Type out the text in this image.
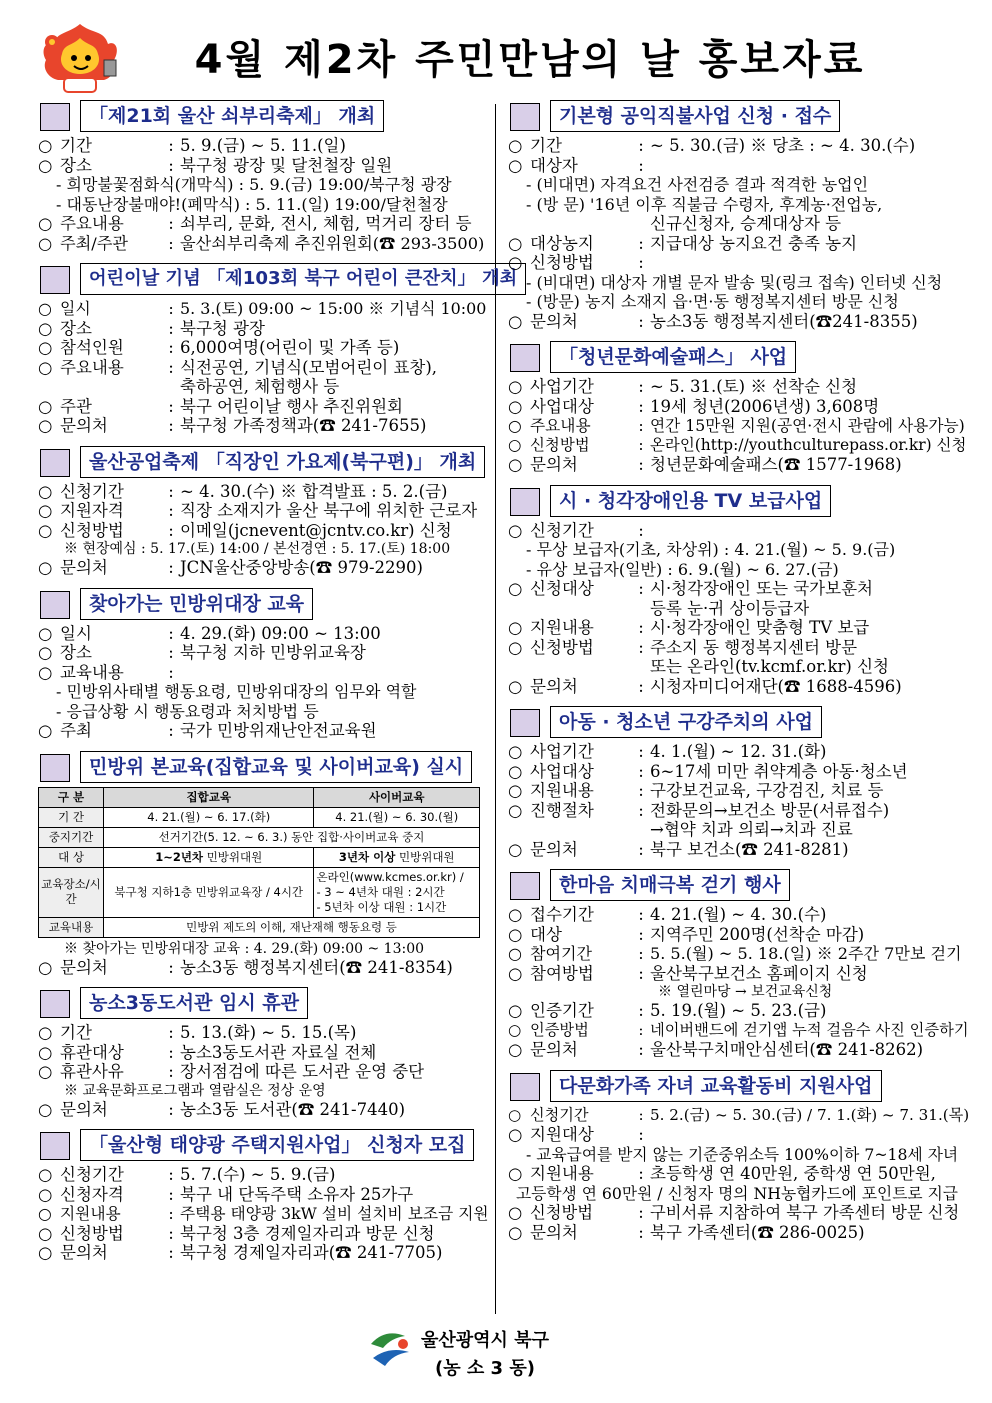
4월 제2차 주민만남의 날 홍보자료
「제21회 울산 쇠부리축제」 개최
○ 기간	: 5. 9.(금) ~ 5. 11.(일)
○ 장소	: 북구청 광장 및 달천철장 일원
- 희망불꽃점화식(개막식) : 5. 9.(금) 19:00/북구청 광장
- 대동난장불매야!(폐막식) : 5. 11.(일) 19:00/달천철장
○ 주요내용	: 쇠부리, 문화, 전시, 체험, 먹거리 장터 등
○ 주최/주관	: 울산쇠부리축제 추진위원회(☎ 293-3500)
어린이날 기념 「제103회 북구 어린이 큰잔치」 개최
○ 일시	: 5. 3.(토) 09:00 ~ 15:00 ※ 기념식 10:00
○ 장소	: 북구청 광장
○ 참석인원	: 6,000여명(어린이 및 가족 등)
○ 주요내용	: 식전공연, 기념식(모범어린이 표창),
축하공연, 체험행사 등
○ 주관	: 북구 어린이날 행사 추진위원회
○ 문의처	: 북구청 가족정책과(☎ 241-7655)
울산공업축제 「직장인 가요제(북구편)」 개최
○ 신청기간	: ~ 4. 30.(수) ※ 합격발표 : 5. 2.(금)
○ 지원자격	: 직장 소재지가 울산 북구에 위치한 근로자
○ 신청방법	: 이메일(jcnevent@jcntv.co.kr) 신청
※ 현장예심 : 5. 17.(토) 14:00 / 본선경연 : 5. 17.(토) 18:00
○ 문의처	: JCN울산중앙방송(☎ 979-2290)
찾아가는 민방위대장 교육
○ 일시	: 4. 29.(화) 09:00 ~ 13:00
○ 장소	: 북구청 지하 민방위교육장
○ 교육내용	:
- 민방위사태별 행동요령, 민방위대장의 임무와 역할
- 응급상황 시 행동요령과 처치방법 등
○ 주최	: 국가 민방위재난안전교육원
민방위 본교육(집합교육 및 사이버교육) 실시
구 분	집합교육	사이버교육
기 간	4. 21.(월) ~ 6. 17.(화)	4. 21.(월) ~ 6. 30.(월)
중지기간	선거기간(5. 12. ~ 6. 3.) 동안 집합·사이버교육 중지	
대 상	1~2년차 민방위대원	3년차 이상 민방위대원
교육장소/시간	북구청 지하1층 민방위교육장 / 4시간	온라인(www.kcmes.or.kr) /
- 3 ~ 4년차 대원 : 2시간
- 5년차 이상 대원 : 1시간

교육내용	민방위 제도의 이해, 재난재해 행동요령 등	
※ 찾아가는 민방위대장 교육 : 4. 29.(화) 09:00 ~ 13:00
○ 문의처	: 농소3동 행정복지센터(☎ 241-8354)
농소3동도서관 임시 휴관
○ 기간	: 5. 13.(화) ~ 5. 15.(목)
○ 휴관대상	: 농소3동도서관 자료실 전체
○ 휴관사유	: 장서점검에 따른 도서관 운영 중단
※ 교육문화프로그램과 열람실은 정상 운영
○ 문의처	: 농소3동 도서관(☎ 241-7440)
「울산형 태양광 주택지원사업」 신청자 모집
○ 신청기간	: 5. 7.(수) ~ 5. 9.(금)
○ 신청자격	: 북구 내 단독주택 소유자 25가구
○ 지원내용	: 주택용 태양광 3kW 설비 설치비 보조금 지원
○ 신청방법	: 북구청 3층 경제일자리과 방문 신청
○ 문의처	: 북구청 경제일자리과(☎ 241-7705)
기본형 공익직불사업 신청 · 접수
○ 기간	: ~ 5. 30.(금) ※ 당초 : ~ 4. 30.(수)
○ 대상자	:
- (비대면) 자격요건 사전검증 결과 적격한 농업인
- (방 문) '16년 이후 직불금 수령자, 후계농·전업농,
신규신청자, 승계대상자 등
○ 대상농지	: 지급대상 농지요건 충족 농지
○ 신청방법	:
- (비대면) 대상자 개별 문자 발송 및(링크 접속) 인터넷 신청
- (방문) 농지 소재지 읍·면·동 행정복지센터 방문 신청
○ 문의처	: 농소3동 행정복지센터(☎241-8355)
「청년문화예술패스」 사업
○ 사업기간	: ~ 5. 31.(토) ※ 선착순 신청
○ 사업대상	: 19세 청년(2006년생) 3,608명
○ 주요내용	: 연간 15만원 지원(공연·전시 관람에 사용가능)
○ 신청방법	: 온라인(http://youthculturepass.or.kr) 신청
○ 문의처	: 청년문화예술패스(☎ 1577-1968)
시 · 청각장애인용 TV 보급사업
○ 신청기간	:
- 무상 보급자(기초, 차상위) : 4. 21.(월) ~ 5. 9.(금)
- 유상 보급자(일반) : 6. 9.(월) ~ 6. 27.(금)
○ 신청대상	: 시·청각장애인 또는 국가보훈처
등록 눈·귀 상이등급자
○ 지원내용	: 시·청각장애인 맞춤형 TV 보급
○ 신청방법	: 주소지 동 행정복지센터 방문
또는 온라인(tv.kcmf.or.kr) 신청
○ 문의처	: 시청자미디어재단(☎ 1688-4596)
아동 · 청소년 구강주치의 사업
○ 사업기간	: 4. 1.(월) ~ 12. 31.(화)
○ 사업대상	: 6~17세 미만 취약계층 아동·청소년
○ 지원내용	: 구강보건교육, 구강검진, 치료 등
○ 진행절차	: 전화문의→보건소 방문(서류접수)
→협약 치과 의뢰→치과 진료
○ 문의처	: 북구 보건소(☎ 241-8281)
한마음 치매극복 걷기 행사
○ 접수기간	: 4. 21.(월) ~ 4. 30.(수)
○ 대상	: 지역주민 200명(선착순 마감)
○ 참여기간	: 5. 5.(월) ~ 5. 18.(일) ※ 2주간 7만보 걷기
○ 참여방법	: 울산북구보건소 홈페이지 신청
※ 열린마당 → 보건교육신청
○ 인증기간	: 5. 19.(월) ~ 5. 23.(금)
○ 인증방법	: 네이버밴드에 걷기앱 누적 걸음수 사진 인증하기
○ 문의처	: 울산북구치매안심센터(☎ 241-8262)
다문화가족 자녀 교육활동비 지원사업
○ 신청기간	: 5. 2.(금) ~ 5. 30.(금) / 7. 1.(화) ~ 7. 31.(목)
○ 지원대상	:
- 교육급여를 받지 않는 기준중위소득 100%이하 7~18세 자녀
○ 지원내용	: 초등학생 연 40만원, 중학생 연 50만원,
고등학생 연 60만원 / 신청자 명의 NH농협카드에 포인트로 지급
○ 신청방법	: 구비서류 지참하여 북구 가족센터 방문 신청
○ 문의처	: 북구 가족센터(☎ 286-0025)
울산광역시 북구
(농 소 3 동)
